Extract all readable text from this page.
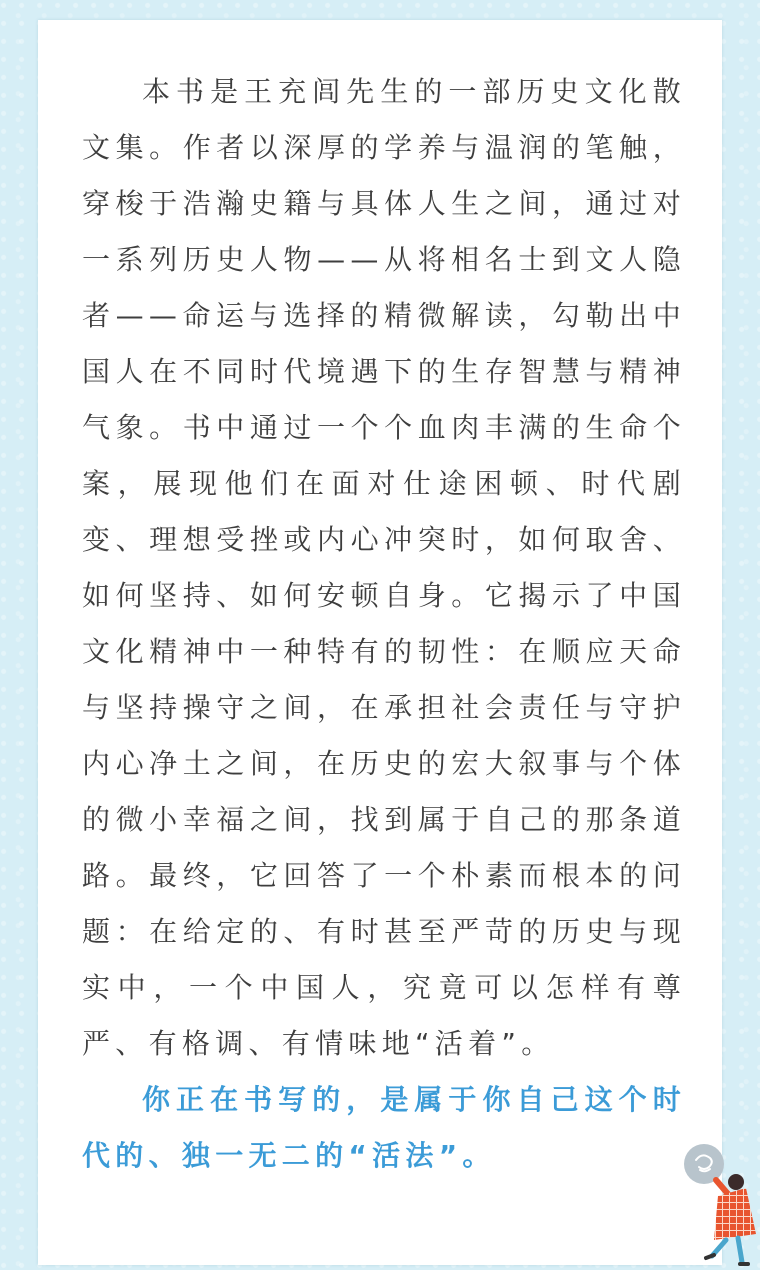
本书是王充闾先生的一部历史文化散文集。作者以深厚的学养与温润的笔触，穿梭于浩瀚史籍与具体人生之间，通过对一系列历史人物——从将相名士到文人隐者——命运与选择的精微解读，勾勒出中国人在不同时代境遇下的生存智慧与精神气象。书中通过一个个血肉丰满的生命个案，展现他们在面对仕途困顿、时代剧变、理想受挫或内心冲突时，如何取舍、如何坚持、如何安顿自身。它揭示了中国文化精神中一种特有的韧性：在顺应天命与坚持操守之间，在承担社会责任与守护内心净土之间，在历史的宏大叙事与个体的微小幸福之间，找到属于自己的那条道路。最终，它回答了一个朴素而根本的问题：在给定的、有时甚至严苛的历史与现实中，一个中国人，究竟可以怎样有尊严、有格调、有情味地“活着”。

你正在书写的，是属于你自己这个时代的、独一无二的“活法”。
